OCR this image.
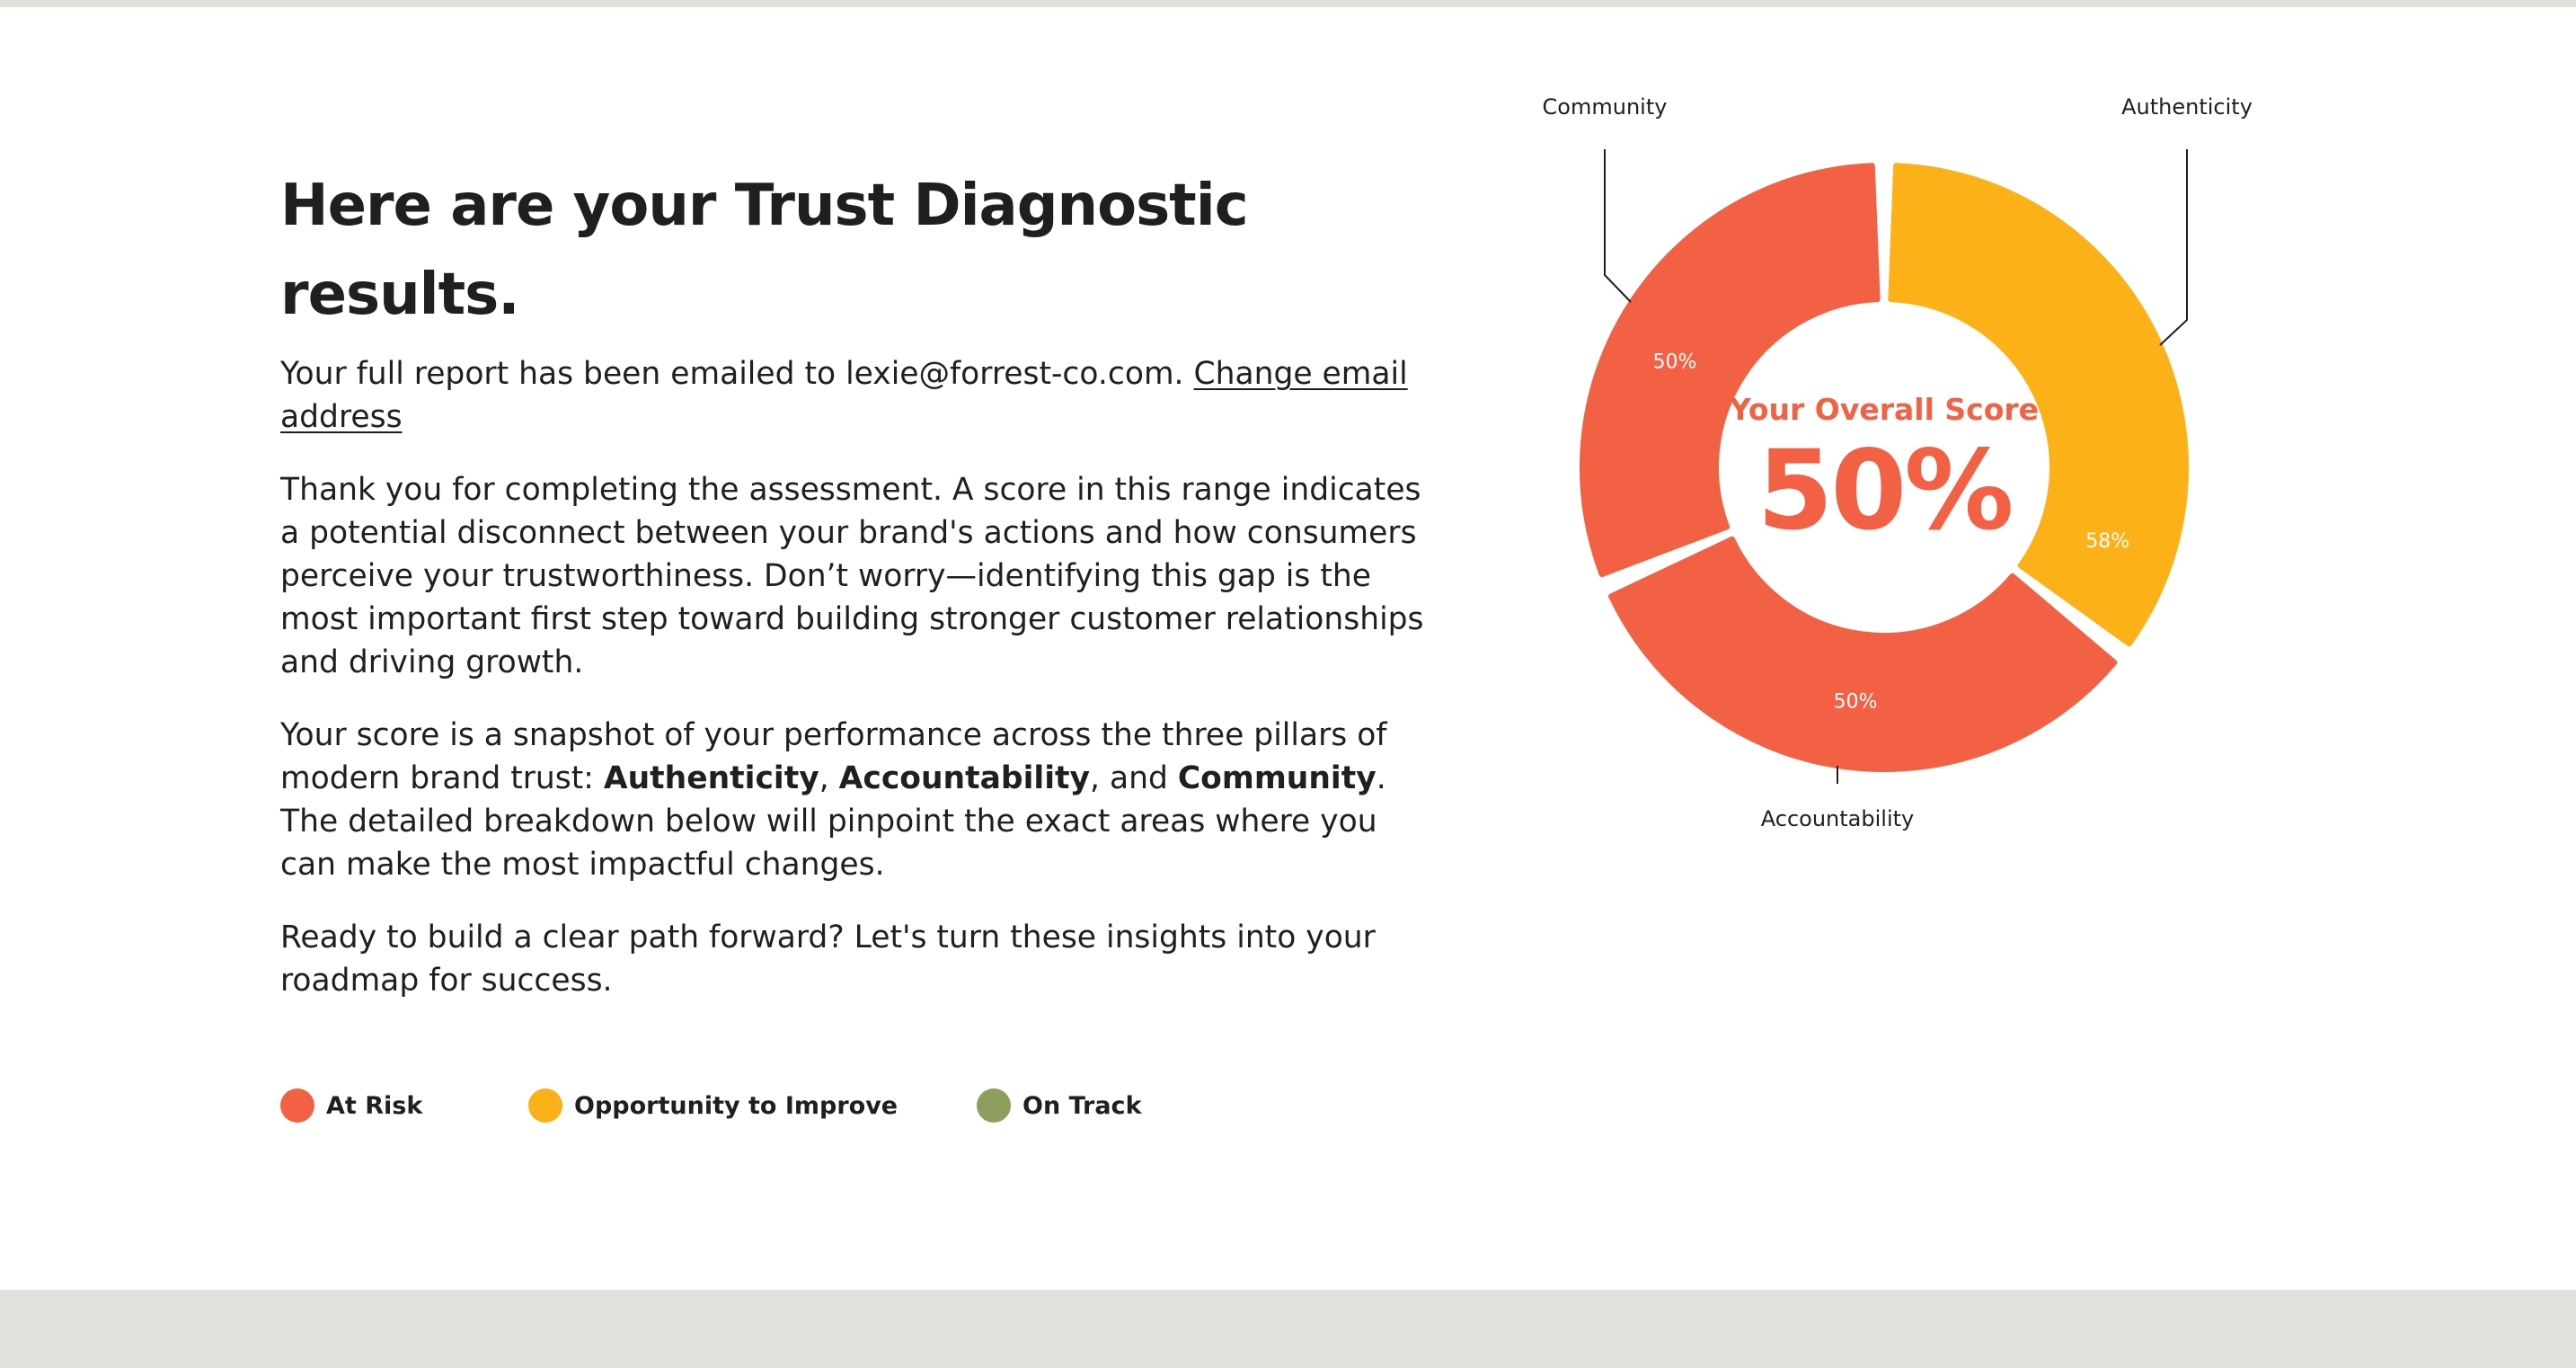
Here are your Trust Diagnostic results.

Your full report has been emailed to lexie@forrest-co.com. Change email address

Thank you for completing the assessment. A score in this range indicates a potential disconnect between your brand's actions and how consumers perceive your trustworthiness. Don’t worry—identifying this gap is the most important first step toward building stronger customer relationships and driving growth.

Your score is a snapshot of your performance across the three pillars of modern brand trust: Authenticity, Accountability, and Community. The detailed breakdown below will pinpoint the exact areas where you can make the most impactful changes.

Ready to build a clear path forward? Let's turn these insights into your roadmap for success.

At Risk	Opportunity to Improve	On Track
58%
Authenticity
50%
Accountability
50%
Community
Your Overall Score
50%
